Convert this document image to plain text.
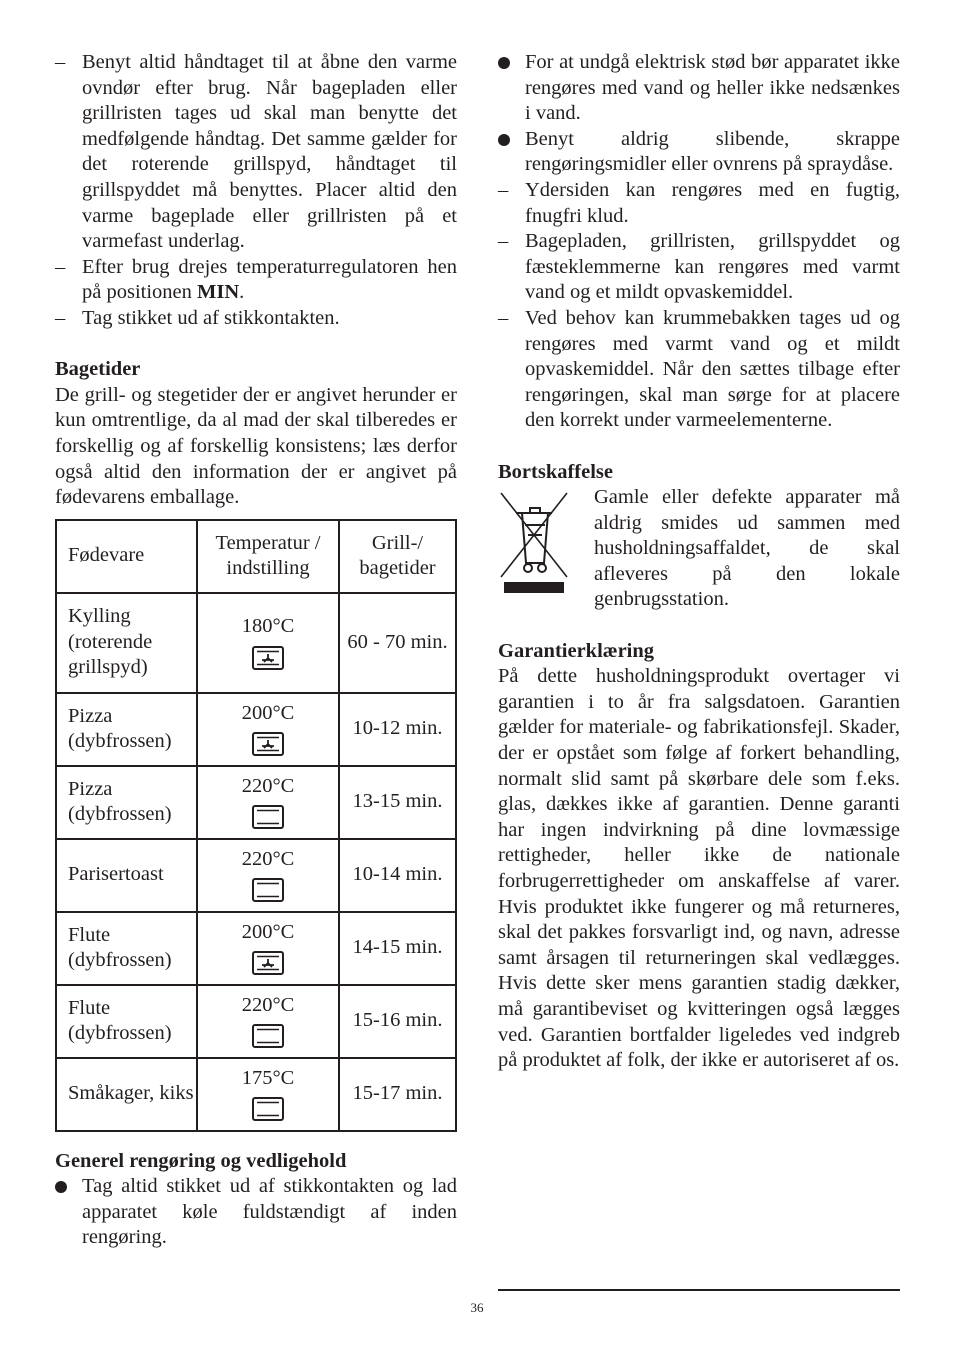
– Benyt altid håndtaget til at åbne den varme ovndør efter brug. Når bagepladen eller grillristen tages ud skal man benytte det medfølgende håndtag. Det samme gælder for det roterende grillspyd, håndtaget til grillspyddet må benyttes. Placer altid den varme bageplade eller grillristen på et varmefast underlag.
– Efter brug drejes temperaturregulatoren hen på positionen MIN.
– Tag stikket ud af stikkontakten.
Bagetider
De grill- og stegetider der er angivet herunder er kun omtrentlige, da al mad der skal tilberedes er forskellig og af forskellig konsistens; læs derfor også altid den information der er angivet på fødevarens emballage.
Fødevare	Temperatur / indstilling	Grill-/ bagetider
Kylling (roterende grillspyd)	180°C	60 - 70 min.
Pizza (dybfrossen)	200°C	10-12 min.
Pizza (dybfrossen)	220°C	13-15 min.
Parisertoast	220°C	10-14 min.
Flute (dybfrossen)	200°C	14-15 min.
Flute (dybfrossen)	220°C	15-16 min.
Småkager, kiks	175°C	15-17 min.
Generel rengøring og vedligehold
Tag altid stikket ud af stikkontakten og lad apparatet køle fuldstændigt af inden rengøring.
For at undgå elektrisk stød bør apparatet ikke rengøres med vand og heller ikke nedsænkes i vand.
Benyt aldrig slibende, skrappe rengøringsmidler eller ovnrens på spraydåse.
– Ydersiden kan rengøres med en fugtig, fnugfri klud.
– Bagepladen, grillristen, grillspyddet og fæsteklemmerne kan rengøres med varmt vand og et mildt opvaskemiddel.
– Ved behov kan krummebakken tages ud og rengøres med varmt vand og et mildt opvaskemiddel. Når den sættes tilbage efter rengøringen, skal man sørge for at placere den korrekt under varmeelementerne.
Bortskaffelse
Gamle eller defekte apparater må aldrig smides ud sammen med husholdningsaffaldet, de skal afleveres på den lokale genbrugsstation.
Garantierklæring
På dette husholdningsprodukt overtager vi garantien i to år fra salgsdatoen. Garantien gælder for materiale- og fabrikationsfejl. Skader, der er opstået som følge af forkert behandling, normalt slid samt på skørbare dele som f.eks. glas, dækkes ikke af garantien. Denne garanti har ingen indvirkning på dine lovmæssige rettigheder, heller ikke de nationale forbrugerrettigheder om anskaffelse af varer. Hvis produktet ikke fungerer og må returneres, skal det pakkes forsvarligt ind, og navn, adresse samt årsagen til returneringen skal vedlægges. Hvis dette sker mens garantien stadig dækker, må garantibeviset og kvitteringen også lægges ved. Garantien bortfalder ligeledes ved indgreb på produktet af folk, der ikke er autoriseret af os.
36
